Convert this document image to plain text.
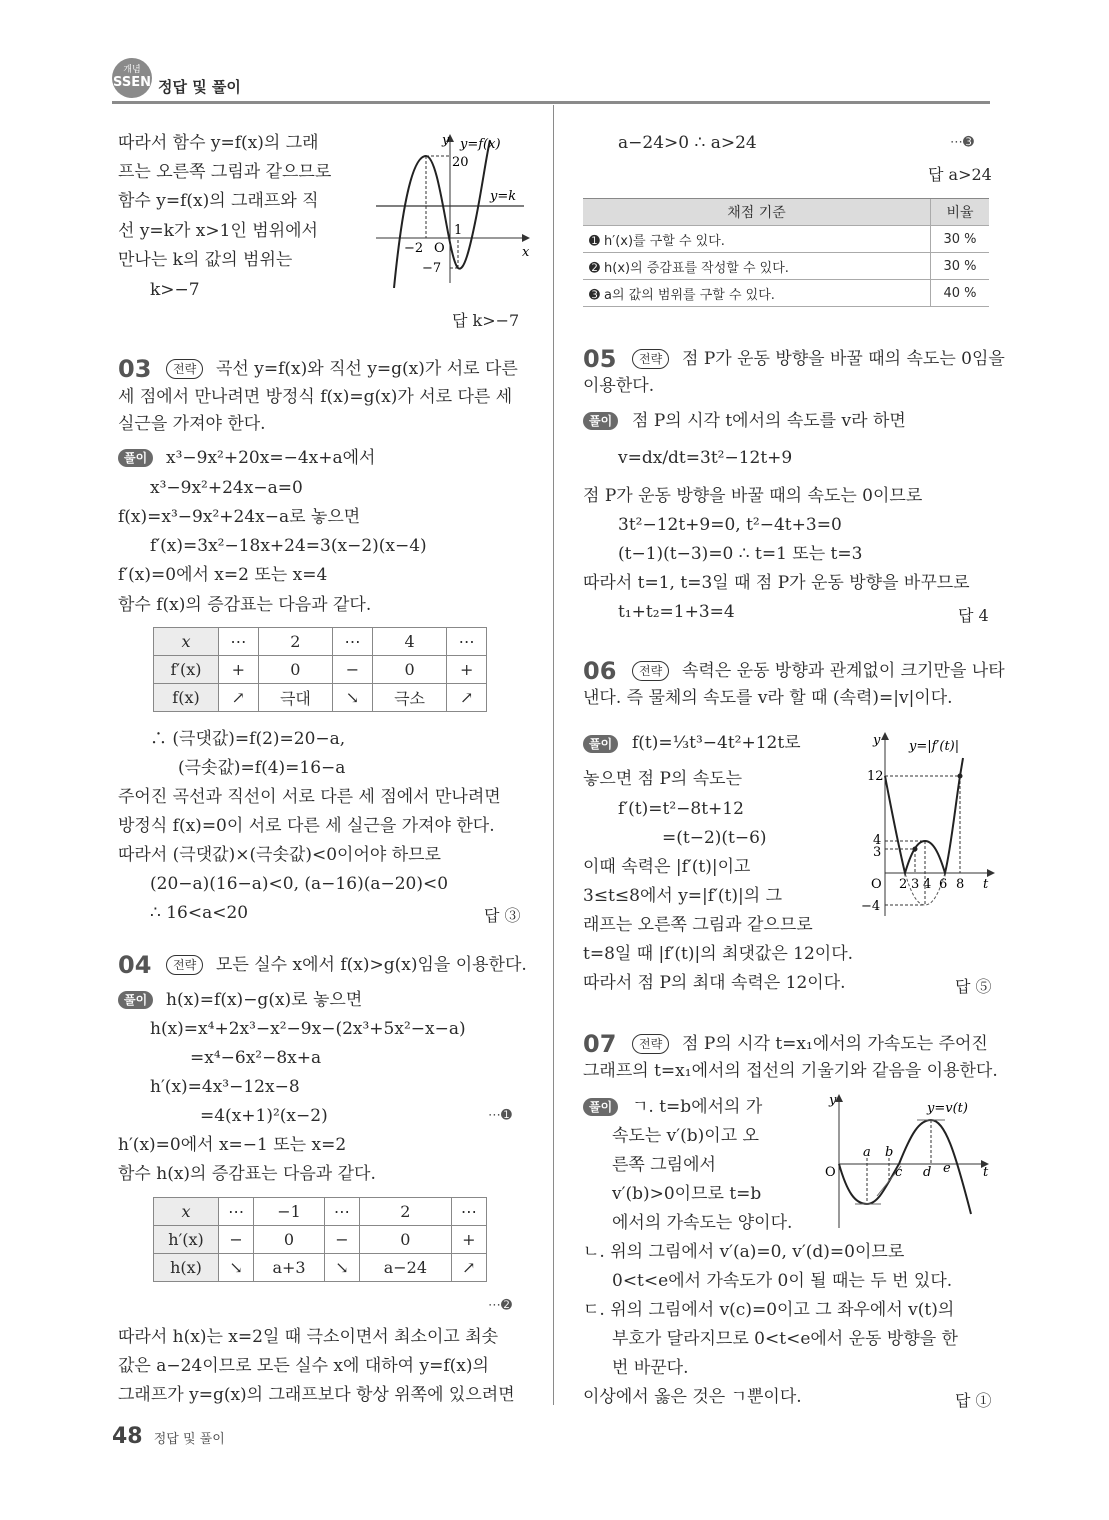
개념
SSEN 정답 및 풀이
따라서 함수 y=f(x)의 그래
프는 오른쪽 그림과 같으므로
함수 y=f(x)의 그래프와 직
선 y=k가 x>1인 범위에서
만나는 k의 값의 범위는
k>−7
y
x
y=f(x)
y=k
20
−2 O
1
−7
답 k>−7
03	전략	곡선 y=f(x)와 직선 y=g(x)가 서로 다른
세 점에서 만나려면 방정식 f(x)=g(x)가 서로 다른 세
실근을 가져야 한다.
풀이	x³−9x²+20x=−4x+a에서
x³−9x²+24x−a=0
f(x)=x³−9x²+24x−a로 놓으면
f′(x)=3x²−18x+24=3(x−2)(x−4)
f′(x)=0에서 x=2 또는 x=4
함수 f(x)의 증감표는 다음과 같다.
x	⋯	2	⋯	4	⋯
f′(x)	+	0	−	0	+
f(x)	↗	극대	↘	극소	↗
∴ (극댓값)=f(2)=20−a,
(극솟값)=f(4)=16−a
주어진 곡선과 직선이 서로 다른 세 점에서 만나려면
방정식 f(x)=0이 서로 다른 세 실근을 가져야 한다.
따라서 (극댓값)×(극솟값)<0이어야 하므로
(20−a)(16−a)<0, (a−16)(a−20)<0
∴ 16<a<20	답 ③
04	전략	모든 실수 x에서 f(x)>g(x)임을 이용한다.
풀이	h(x)=f(x)−g(x)로 놓으면
h(x)=x⁴+2x³−x²−9x−(2x³+5x²−x−a)
=x⁴−6x²−8x+a
h′(x)=4x³−12x−8
=4(x+1)²(x−2)	⋯➊
h′(x)=0에서 x=−1 또는 x=2
함수 h(x)의 증감표는 다음과 같다.
x	⋯	−1	⋯	2	⋯
h′(x)	−	0	−	0	+
h(x)	↘	a+3	↘	a−24	↗
⋯➋
따라서 h(x)는 x=2일 때 극소이면서 최소이고 최솟
값은 a−24이므로 모든 실수 x에 대하여 y=f(x)의
그래프가 y=g(x)의 그래프보다 항상 위쪽에 있으려면
a−24>0 ∴ a>24	⋯➌
답 a>24
채점 기준	비율
➊ h′(x)를 구할 수 있다.	30 %
➋ h(x)의 증감표를 작성할 수 있다.	30 %
➌ a의 값의 범위를 구할 수 있다.	40 %
05	전략	점 P가 운동 방향을 바꿀 때의 속도는 0임을
이용한다.
풀이	점 P의 시각 t에서의 속도를 v라 하면
v=dx/dt=3t²−12t+9
점 P가 운동 방향을 바꿀 때의 속도는 0이므로
3t²−12t+9=0, t²−4t+3=0
(t−1)(t−3)=0 ∴ t=1 또는 t=3
따라서 t=1, t=3일 때 점 P가 운동 방향을 바꾸므로
t₁+t₂=1+3=4	답 4
06	전략	속력은 운동 방향과 관계없이 크기만을 나타
낸다. 즉 물체의 속도를 v라 할 때 (속력)=|v|이다.
풀이	f(t)=⅓t³−4t²+12t로
놓으면 점 P의 속도는
f′(t)=t²−8t+12
=(t−2)(t−6)
이때 속력은 |f′(t)|이고
3≤t≤8에서 y=|f′(t)|의 그
래프는 오른쪽 그림과 같으므로
t=8일 때 |f′(t)|의 최댓값은 12이다.
따라서 점 P의 최대 속력은 12이다.	답 ⑤
y
t
y=|f′(t)|
12
4
3
O 2 3 4 6 8
−4
07	전략	점 P의 시각 t=x₁에서의 가속도는 주어진
그래프의 t=x₁에서의 접선의 기울기와 같음을 이용한다.
풀이	ㄱ. t=b에서의 가
속도는 v′(b)이고 오
른쪽 그림에서
v′(b)>0이므로 t=b
에서의 가속도는 양이다.
ㄴ. 위의 그림에서 v′(a)=0, v′(d)=0이므로
0<t<e에서 가속도가 0이 될 때는 두 번 있다.
ㄷ. 위의 그림에서 v(c)=0이고 그 좌우에서 v(t)의
부호가 달라지므로 0<t<e에서 운동 방향을 한
번 바꾼다.
이상에서 옳은 것은 ㄱ뿐이다.	답 ①
y
t
y=v(t)
O
a b
c d e
48 정답 및 풀이
